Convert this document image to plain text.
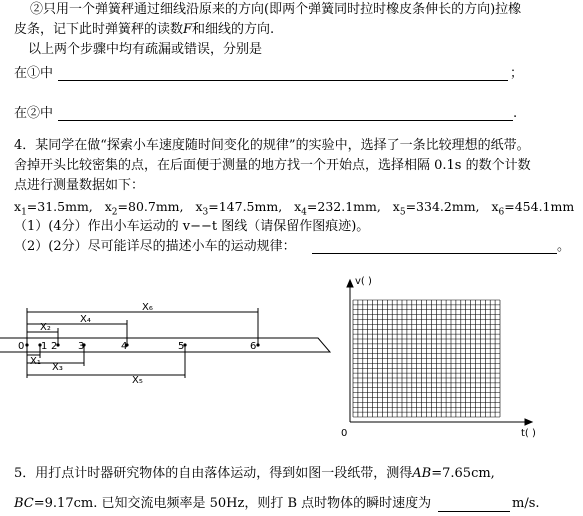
②只用一个弹簧秤通过细线沿原来的方向(即两个弹簧同时拉时橡皮条伸长的方向)拉橡
皮条，记下此时弹簧秤的读数F和细线的方向.
以上两个步骤中均有疏漏或错误，分别是
在①中	；
在②中	.
4．某同学在做“探索小车速度随时间变化的规律”的实验中，选择了一条比较理想的纸带。
舍掉开头比较密集的点，在后面便于测量的地方找一个开始点，选择相隔 0.1s 的数个计数
点进行测量数据如下：
$x_1=31.5mm$, $x_2=80.7mm$, $x_3=147.5mm$, $x_4=232.1mm$, $x_5=334.2mm$, $x_6=454.1mm$
（1）(4分）作出小车运动的 v−−t 图线（请保留作图痕迹)。
（2）(2分）尽可能详尽的描述小车的运动规律：	。
0 1 2 3	4	5	6
X₆
X₄
X₂
X₁
X₃
X₅
v( )
t( )
0
5．用打点计时器研究物体的自由落体运动，得到如图一段纸带，测得AB=7.65cm,
BC=9.17cm. 已知交流电频率是 50Hz，则打 B 点时物体的瞬时速度为	m/s.
